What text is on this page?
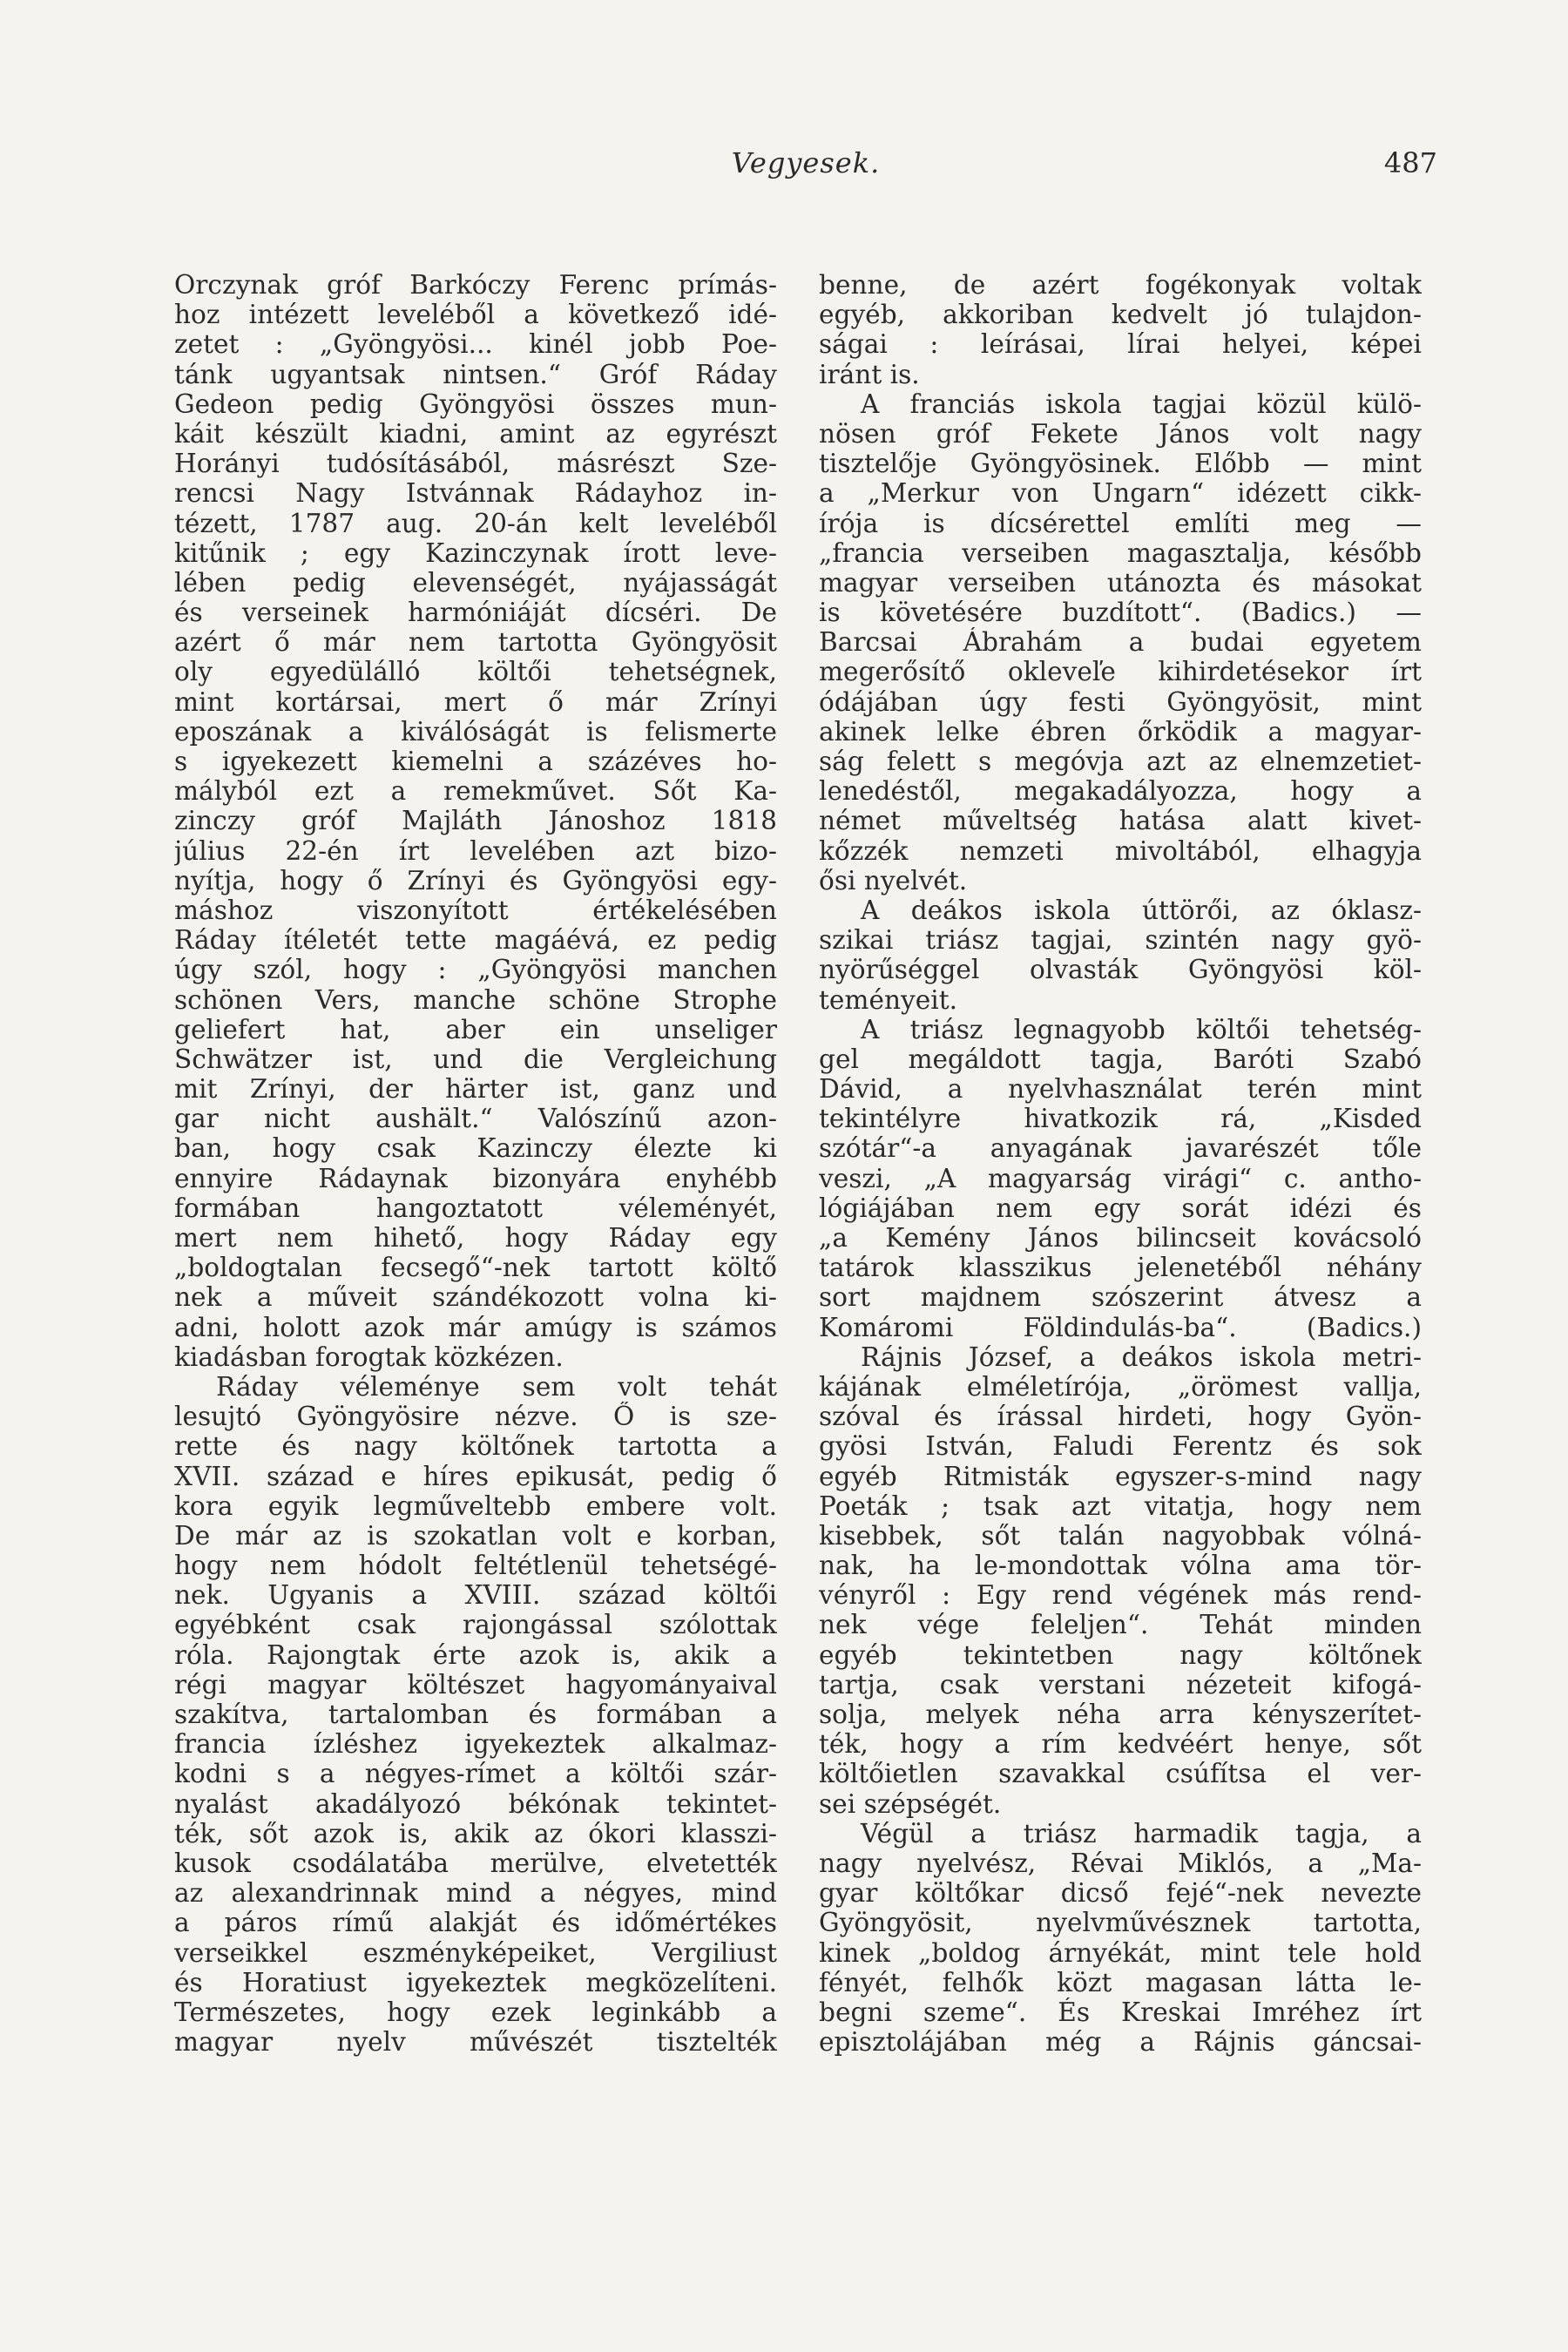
Vegyesek.	487
Orczynak gróf Barkóczy Ferenc prímás-
hoz intézett leveléből a következő idé-
zetet : „Gyöngyösi... kinél jobb Poe-
tánk ugyantsak nintsen.“ Gróf Ráday
Gedeon pedig Gyöngyösi összes mun-
káit készült kiadni, amint az egyrészt
Horányi tudósításából, másrészt Sze-
rencsi Nagy Istvánnak Rádayhoz in-
tézett, 1787 aug. 20-án kelt leveléből
kitűnik ; egy Kazinczynak írott leve-
lében pedig elevenségét, nyájasságát
és verseinek harmóniáját dícséri. De
azért ő már nem tartotta Gyöngyösit
oly egyedülálló költői tehetségnek,
mint kortársai, mert ő már Zrínyi
eposzának a kiválóságát is felismerte
s igyekezett kiemelni a százéves ho-
mályból ezt a remekművet. Sőt Ka-
zinczy gróf Majláth Jánoshoz 1818
július 22-én írt levelében azt bizo-
nyítja, hogy ő Zrínyi és Gyöngyösi egy-
máshoz viszonyított értékelésében
Ráday ítéletét tette magáévá, ez pedig
úgy szól, hogy : „Gyöngyösi manchen
schönen Vers, manche schöne Strophe
geliefert hat, aber ein unseliger
Schwätzer ist, und die Vergleichung
mit Zrínyi, der härter ist, ganz und
gar nicht aushält.“ Valószínű azon-
ban, hogy csak Kazinczy élezte ki
ennyire Rádaynak bizonyára enyhébb
formában hangoztatott véleményét,
mert nem hihető, hogy Ráday egy
„boldogtalan fecsegő“-nek tartott költő
nek a műveit szándékozott volna ki-
adni, holott azok már amúgy is számos
kiadásban forogtak közkézen.
Ráday véleménye sem volt tehát
lesujtó Gyöngyösire nézve. Ő is sze-
rette és nagy költőnek tartotta a
XVII. század e híres epikusát, pedig ő
kora egyik legműveltebb embere volt.
De már az is szokatlan volt e korban,
hogy nem hódolt feltétlenül tehetségé-
nek. Ugyanis a XVIII. század költői
egyébként csak rajongással szólottak
róla. Rajongtak érte azok is, akik a
régi magyar költészet hagyományaival
szakítva, tartalomban és formában a
francia ízléshez igyekeztek alkalmaz-
kodni s a négyes-rímet a költői szár-
nyalást akadályozó békónak tekintet-
ték, sőt azok is, akik az ókori klasszi-
kusok csodálatába merülve, elvetették
az alexandrinnak mind a négyes, mind
a páros rímű alakját és időmértékes
verseikkel eszményképeiket, Vergiliust
és Horatiust igyekeztek megközelíteni.
Természetes, hogy ezek leginkább a
magyar nyelv művészét tisztelték
benne, de azért fogékonyak voltak
egyéb, akkoriban kedvelt jó tulajdon-
ságai : leírásai, lírai helyei, képei
iránt is.
A franciás iskola tagjai közül külö-
nösen gróf Fekete János volt nagy
tisztelője Gyöngyösinek. Előbb — mint
a „Merkur von Ungarn“ idézett cikk-
írója is dícsérettel említi meg —
„francia verseiben magasztalja, később
magyar verseiben utánozta és másokat
is követésére buzdított“. (Badics.) —
Barcsai Ábrahám a budai egyetem
megerősítő okleveľe kihirdetésekor írt
ódájában úgy festi Gyöngyösit, mint
akinek lelke ébren őrködik a magyar-
ság felett s megóvja azt az elnemzetiet-
lenedéstől, megakadályozza, hogy a
német műveltség hatása alatt kivet-
kőzzék nemzeti mivoltából, elhagyja
ősi nyelvét.
A deákos iskola úttörői, az óklasz-
szikai triász tagjai, szintén nagy gyö-
nyörűséggel olvasták Gyöngyösi köl-
teményeit.
A triász legnagyobb költői tehetség-
gel megáldott tagja, Baróti Szabó
Dávid, a nyelvhasználat terén mint
tekintélyre hivatkozik rá, „Kisded
szótár“-a anyagának javarészét tőle
veszi, „A magyarság virági“ c. antho-
lógiájában nem egy sorát idézi és
„a Kemény János bilincseit kovácsoló
tatárok klasszikus jelenetéből néhány
sort majdnem szószerint átvesz a
Komáromi Földindulás-ba“. (Badics.)
Rájnis József, a deákos iskola metri-
kájának elméletírója, „örömest vallja,
szóval és írással hirdeti, hogy Gyön-
gyösi István, Faludi Ferentz és sok
egyéb Ritmisták egyszer-s-mind nagy
Poeták ; tsak azt vitatja, hogy nem
kisebbek, sőt talán nagyobbak vólná-
nak, ha le-mondottak vólna ama tör-
vényről : Egy rend végének más rend-
nek vége feleljen“. Tehát minden
egyéb tekintetben nagy költőnek
tartja, csak verstani nézeteit kifogá-
solja, melyek néha arra kényszerítet-
ték, hogy a rím kedvéért henye, sőt
költőietlen szavakkal csúfítsa el ver-
sei szépségét.
Végül a triász harmadik tagja, a
nagy nyelvész, Révai Miklós, a „Ma-
gyar költőkar dicső fejé“-nek nevezte
Gyöngyösit, nyelvművésznek tartotta,
kinek „boldog árnyékát, mint tele hold
fényét, felhők közt magasan látta le-
begni szeme“. És Kreskai Imréhez írt
episztolájában még a Rájnis gáncsai-
